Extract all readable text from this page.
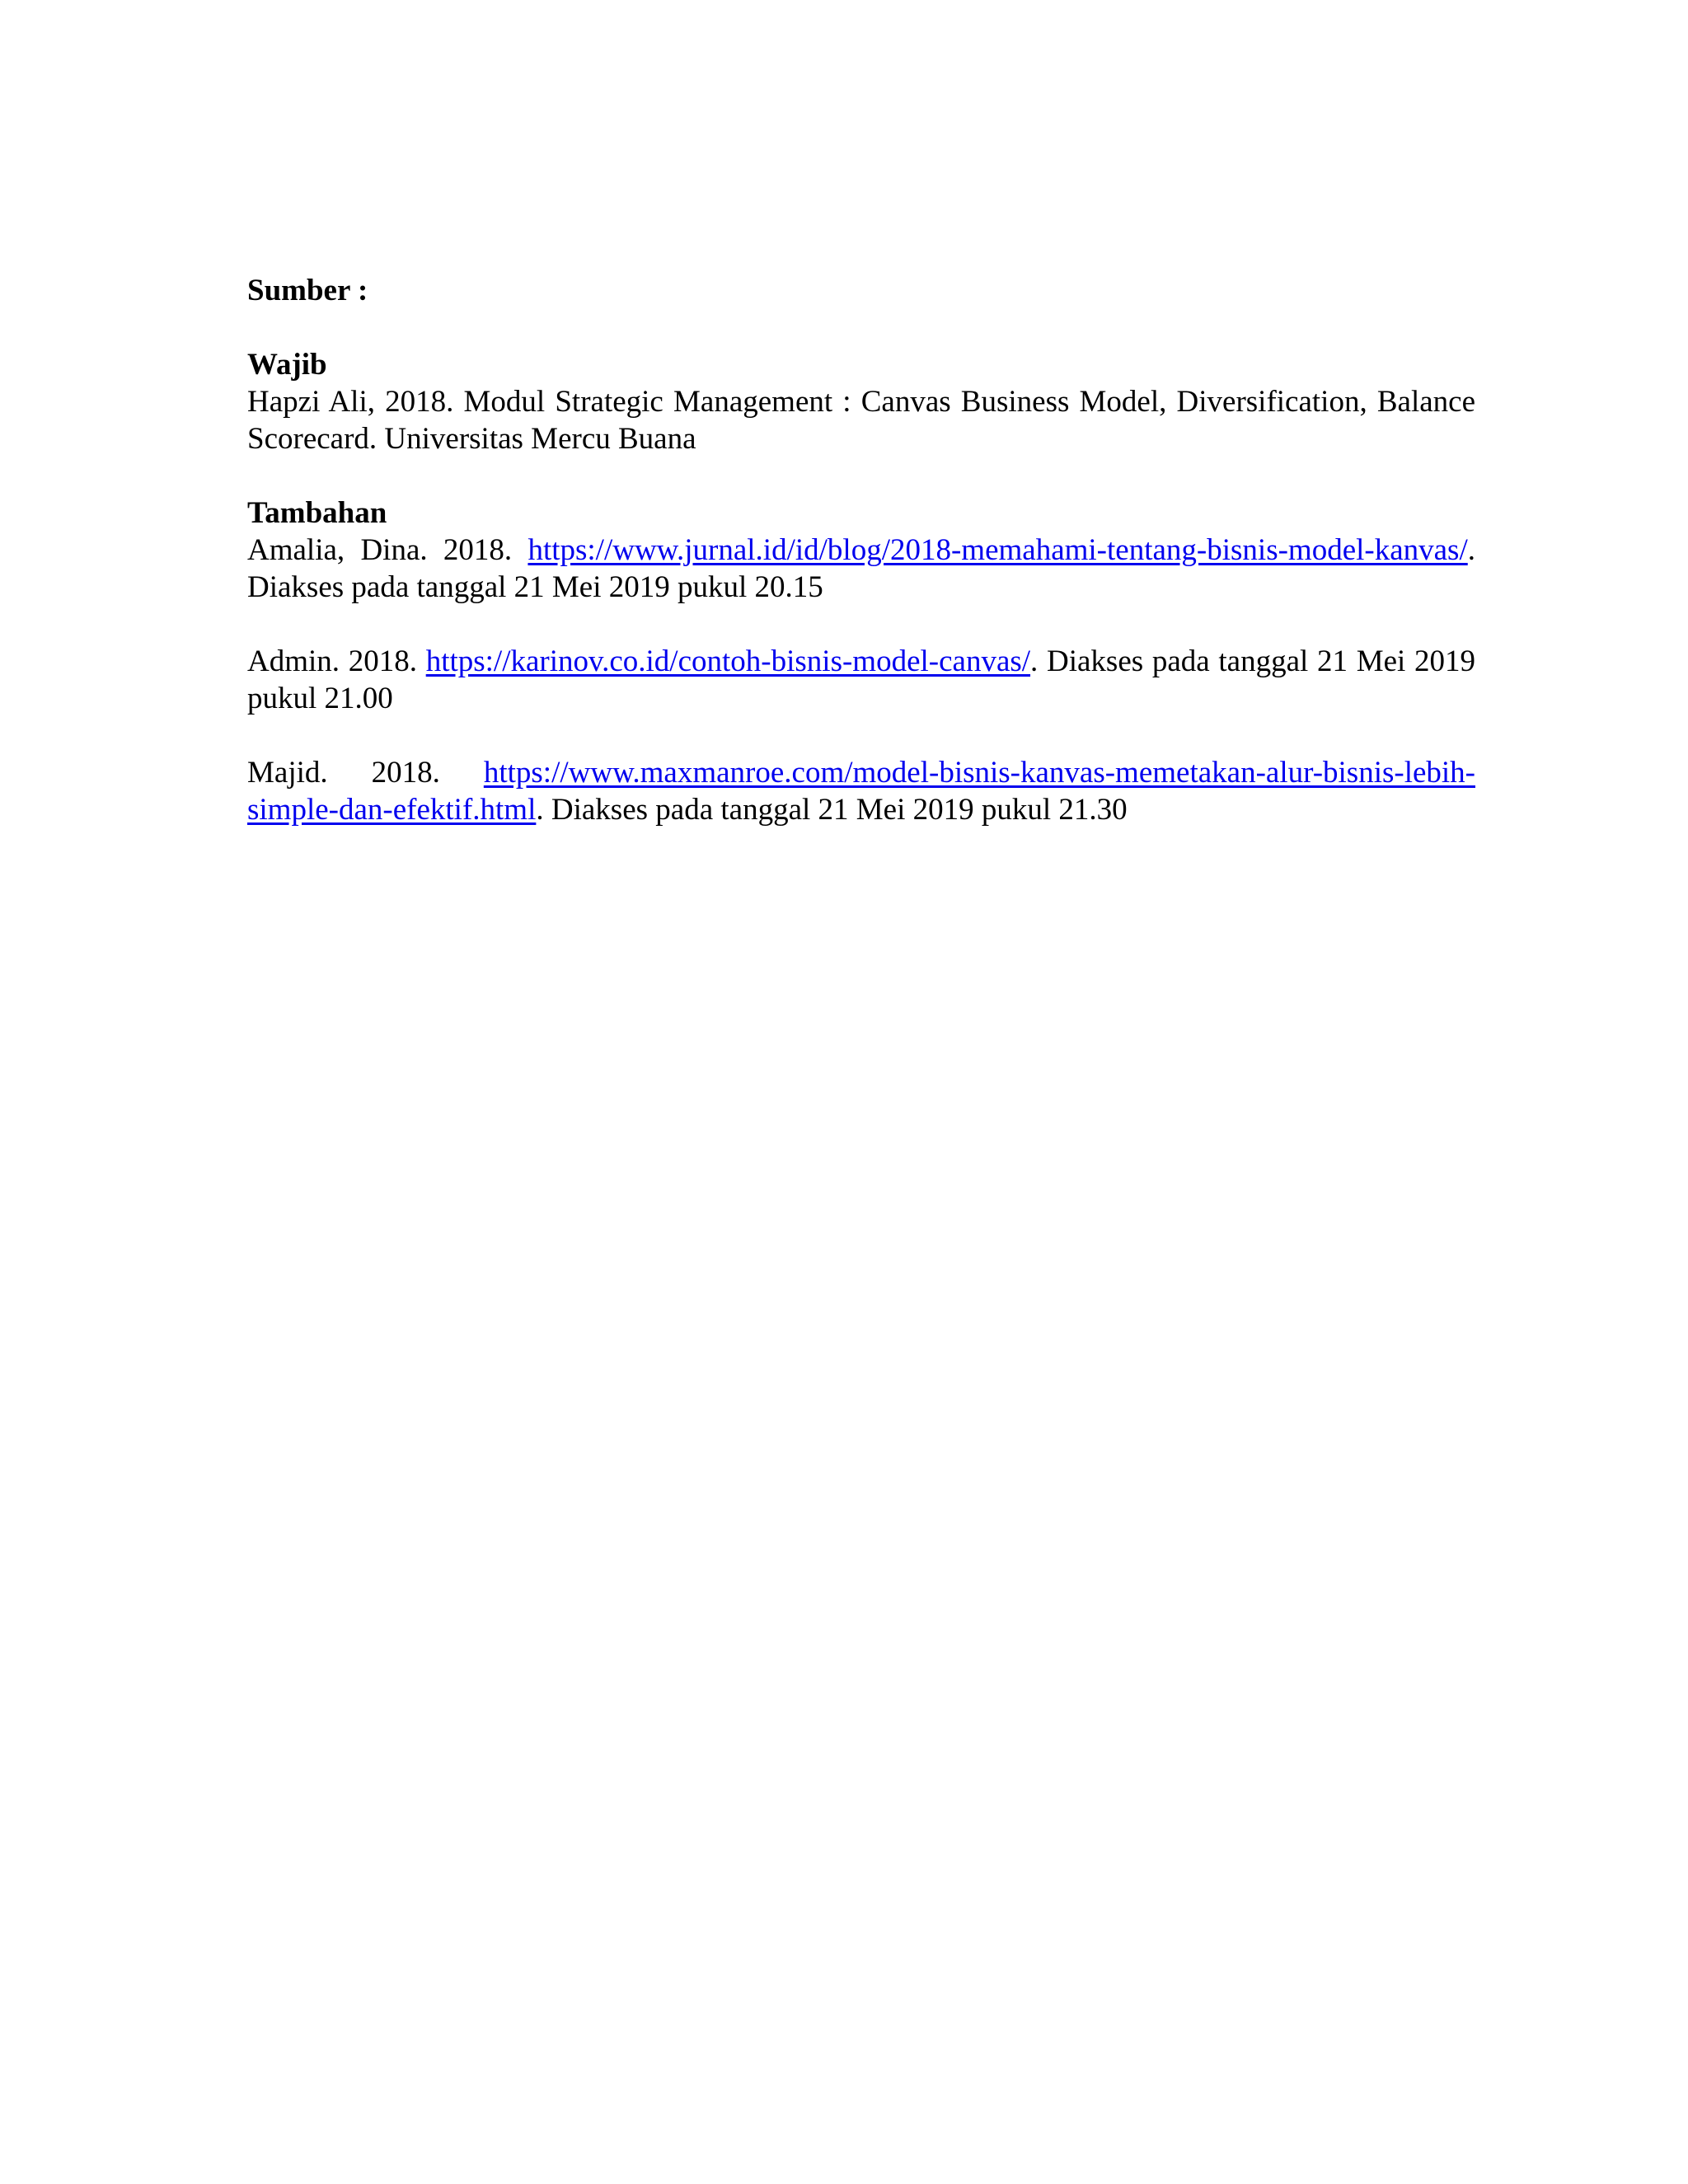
Sumber :

Wajib

Hapzi Ali, 2018. Modul Strategic Management : Canvas Business Model, Diversification, Balance Scorecard. Universitas Mercu Buana

Tambahan

Amalia, Dina. 2018. https://www.jurnal.id/id/blog/2018-memahami-tentang-bisnis-model-kanvas/. Diakses pada tanggal 21 Mei 2019 pukul 20.15

Admin. 2018. https://karinov.co.id/contoh-bisnis-model-canvas/. Diakses pada tanggal 21 Mei 2019 pukul 21.00

Majid. 2018. https://www.maxmanroe.com/model-bisnis-kanvas-memetakan-alur-bisnis-lebih-simple-dan-efektif.html. Diakses pada tanggal 21 Mei 2019 pukul 21.30
